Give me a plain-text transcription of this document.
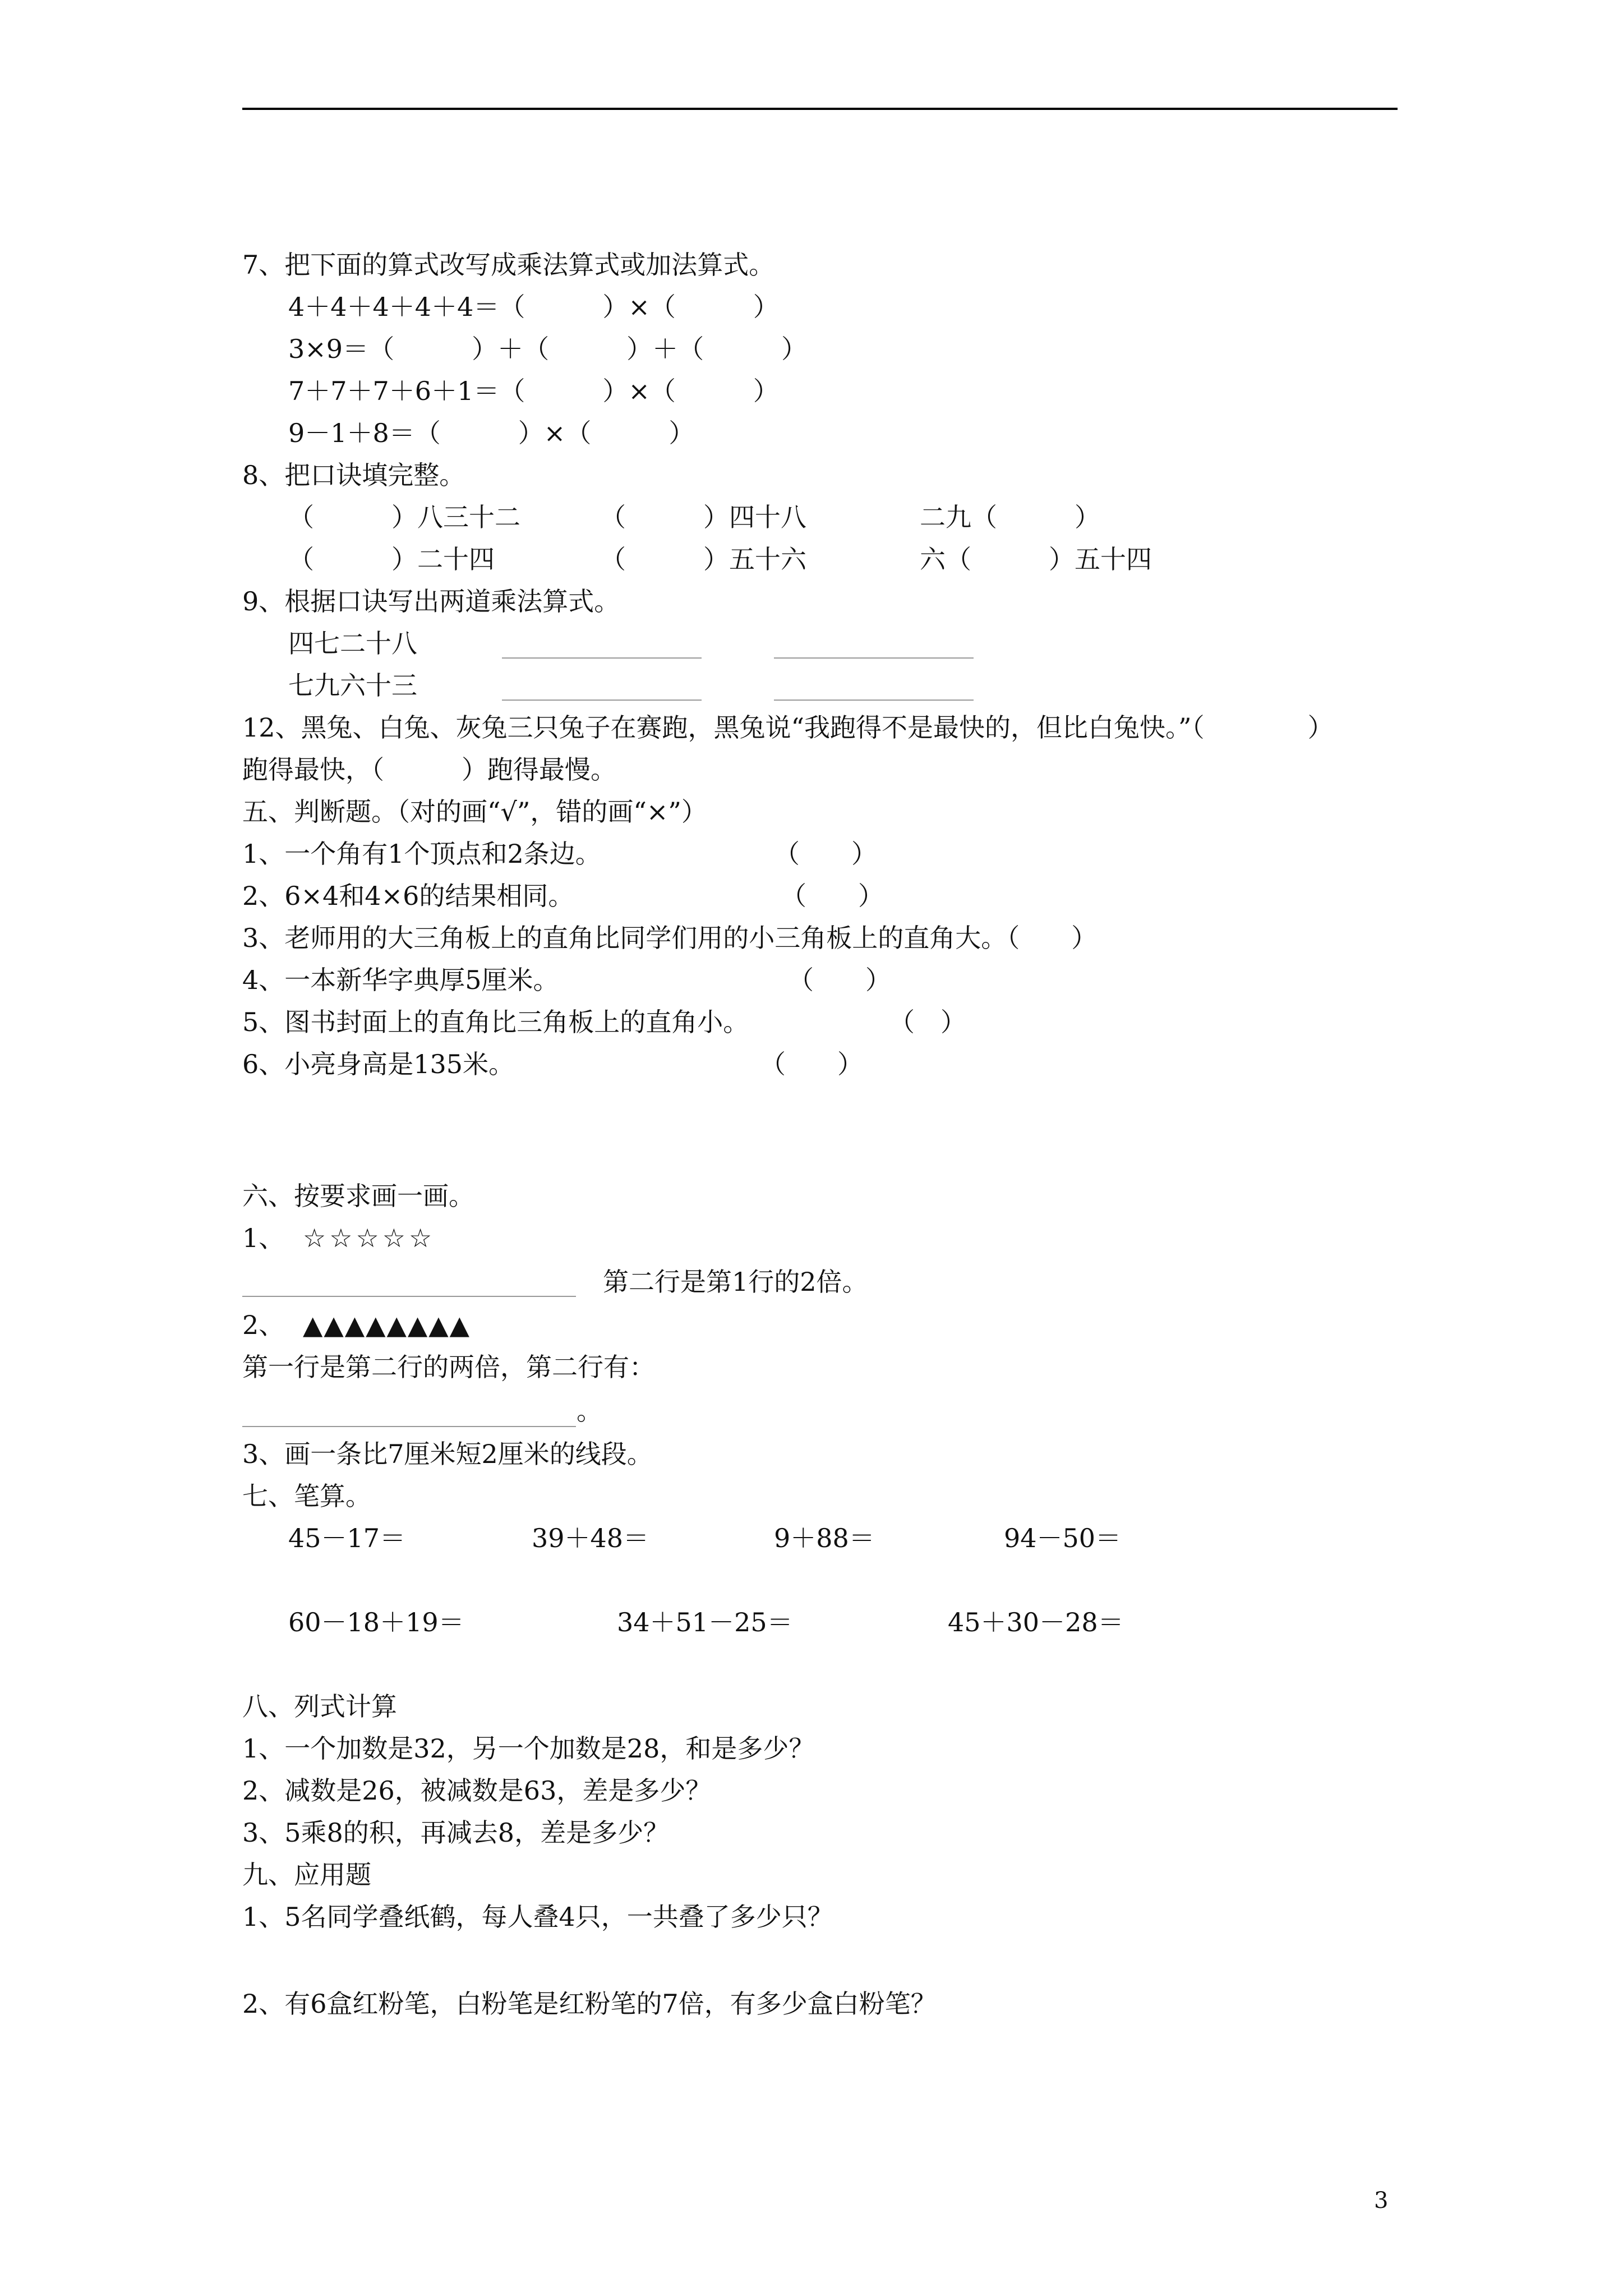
7、把下面的算式改写成乘法算式或加法算式。
4＋4＋4＋4＋4＝（　　　）×（　　　）
3×9＝（　　　）＋（　　　）＋（　　　）
7＋7＋7＋6＋1＝（　　　）×（　　　）
9－1＋8＝（　　　）×（　　　）
8、把口诀填完整。
（　　　）八三十二	（　　　）四十八	二九（　　　）
（　　　）二十四	（　　　）五十六	六（　　　）五十四
9、根据口诀写出两道乘法算式。
四七二十八
七九六十三
12、黑兔、白兔、灰兔三只兔子在赛跑，黑兔说“我跑得不是最快的，但比白兔快。”（　　　　）
跑得最快，（　　　）跑得最慢。
五、判断题。（对的画“√”，错的画“×”）
1、一个角有1个顶点和2条边。	（　　）
2、6×4和4×6的结果相同。	（　　）
3、老师用的大三角板上的直角比同学们用的小三角板上的直角大。（　　）
4、一本新华字典厚5厘米。	（　　）
5、图书封面上的直角比三角板上的直角小。	（　）
6、小亮身高是135米。	（　　）
六、按要求画一画。
1、 ☆☆☆☆☆
第二行是第1行的2倍。
2、 ▲▲▲▲▲▲▲▲
第一行是第二行的两倍，第二行有：
。
3、画一条比7厘米短2厘米的线段。
七、笔算。
45－17＝	39＋48＝	9＋88＝	94－50＝
60－18＋19＝	34＋51－25＝	45＋30－28＝
八、列式计算
1、一个加数是32，另一个加数是28，和是多少？
2、减数是26，被减数是63，差是多少？
3、5乘8的积，再减去8，差是多少？
九、应用题
1、5名同学叠纸鹤，每人叠4只，一共叠了多少只？
2、有6盒红粉笔，白粉笔是红粉笔的7倍，有多少盒白粉笔？
3
